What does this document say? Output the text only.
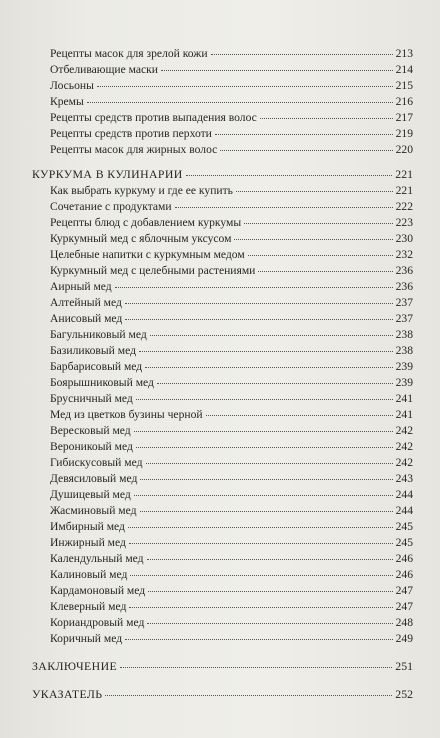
Рецепты масок для зрелой кожи	213
Отбеливающие маски	214
Лосьоны	215
Кремы	216
Рецепты средств против выпадения волос	217
Рецепты средств против перхоти	219
Рецепты масок для жирных волос	220
КУРКУМА В КУЛИНАРИИ	221
Как выбрать куркуму и где ее купить	221
Сочетание с продуктами	222
Рецепты блюд с добавлением куркумы	223
Куркумный мед с яблочным уксусом	230
Целебные напитки с куркумным медом	232
Куркумный мед с целебными растениями	236
Аирный мед	236
Алтейный мед	237
Анисовый мед	237
Багульниковый мед	238
Базиликовый мед	238
Барбарисовый мед	239
Боярышниковый мед	239
Брусничный мед	241
Мед из цветков бузины черной	241
Вересковый мед	242
Вероникоый мед	242
Гибискусовый мед	242
Девясиловый мед	243
Душицевый мед	244
Жасминовый мед	244
Имбирный мед	245
Инжирный мед	245
Календульный мед	246
Калиновый мед	246
Кардамоновый мед	247
Клеверный мед	247
Кориандровый мед	248
Коричный мед	249
ЗАКЛЮЧЕНИЕ	251
УКАЗАТЕЛЬ	252
